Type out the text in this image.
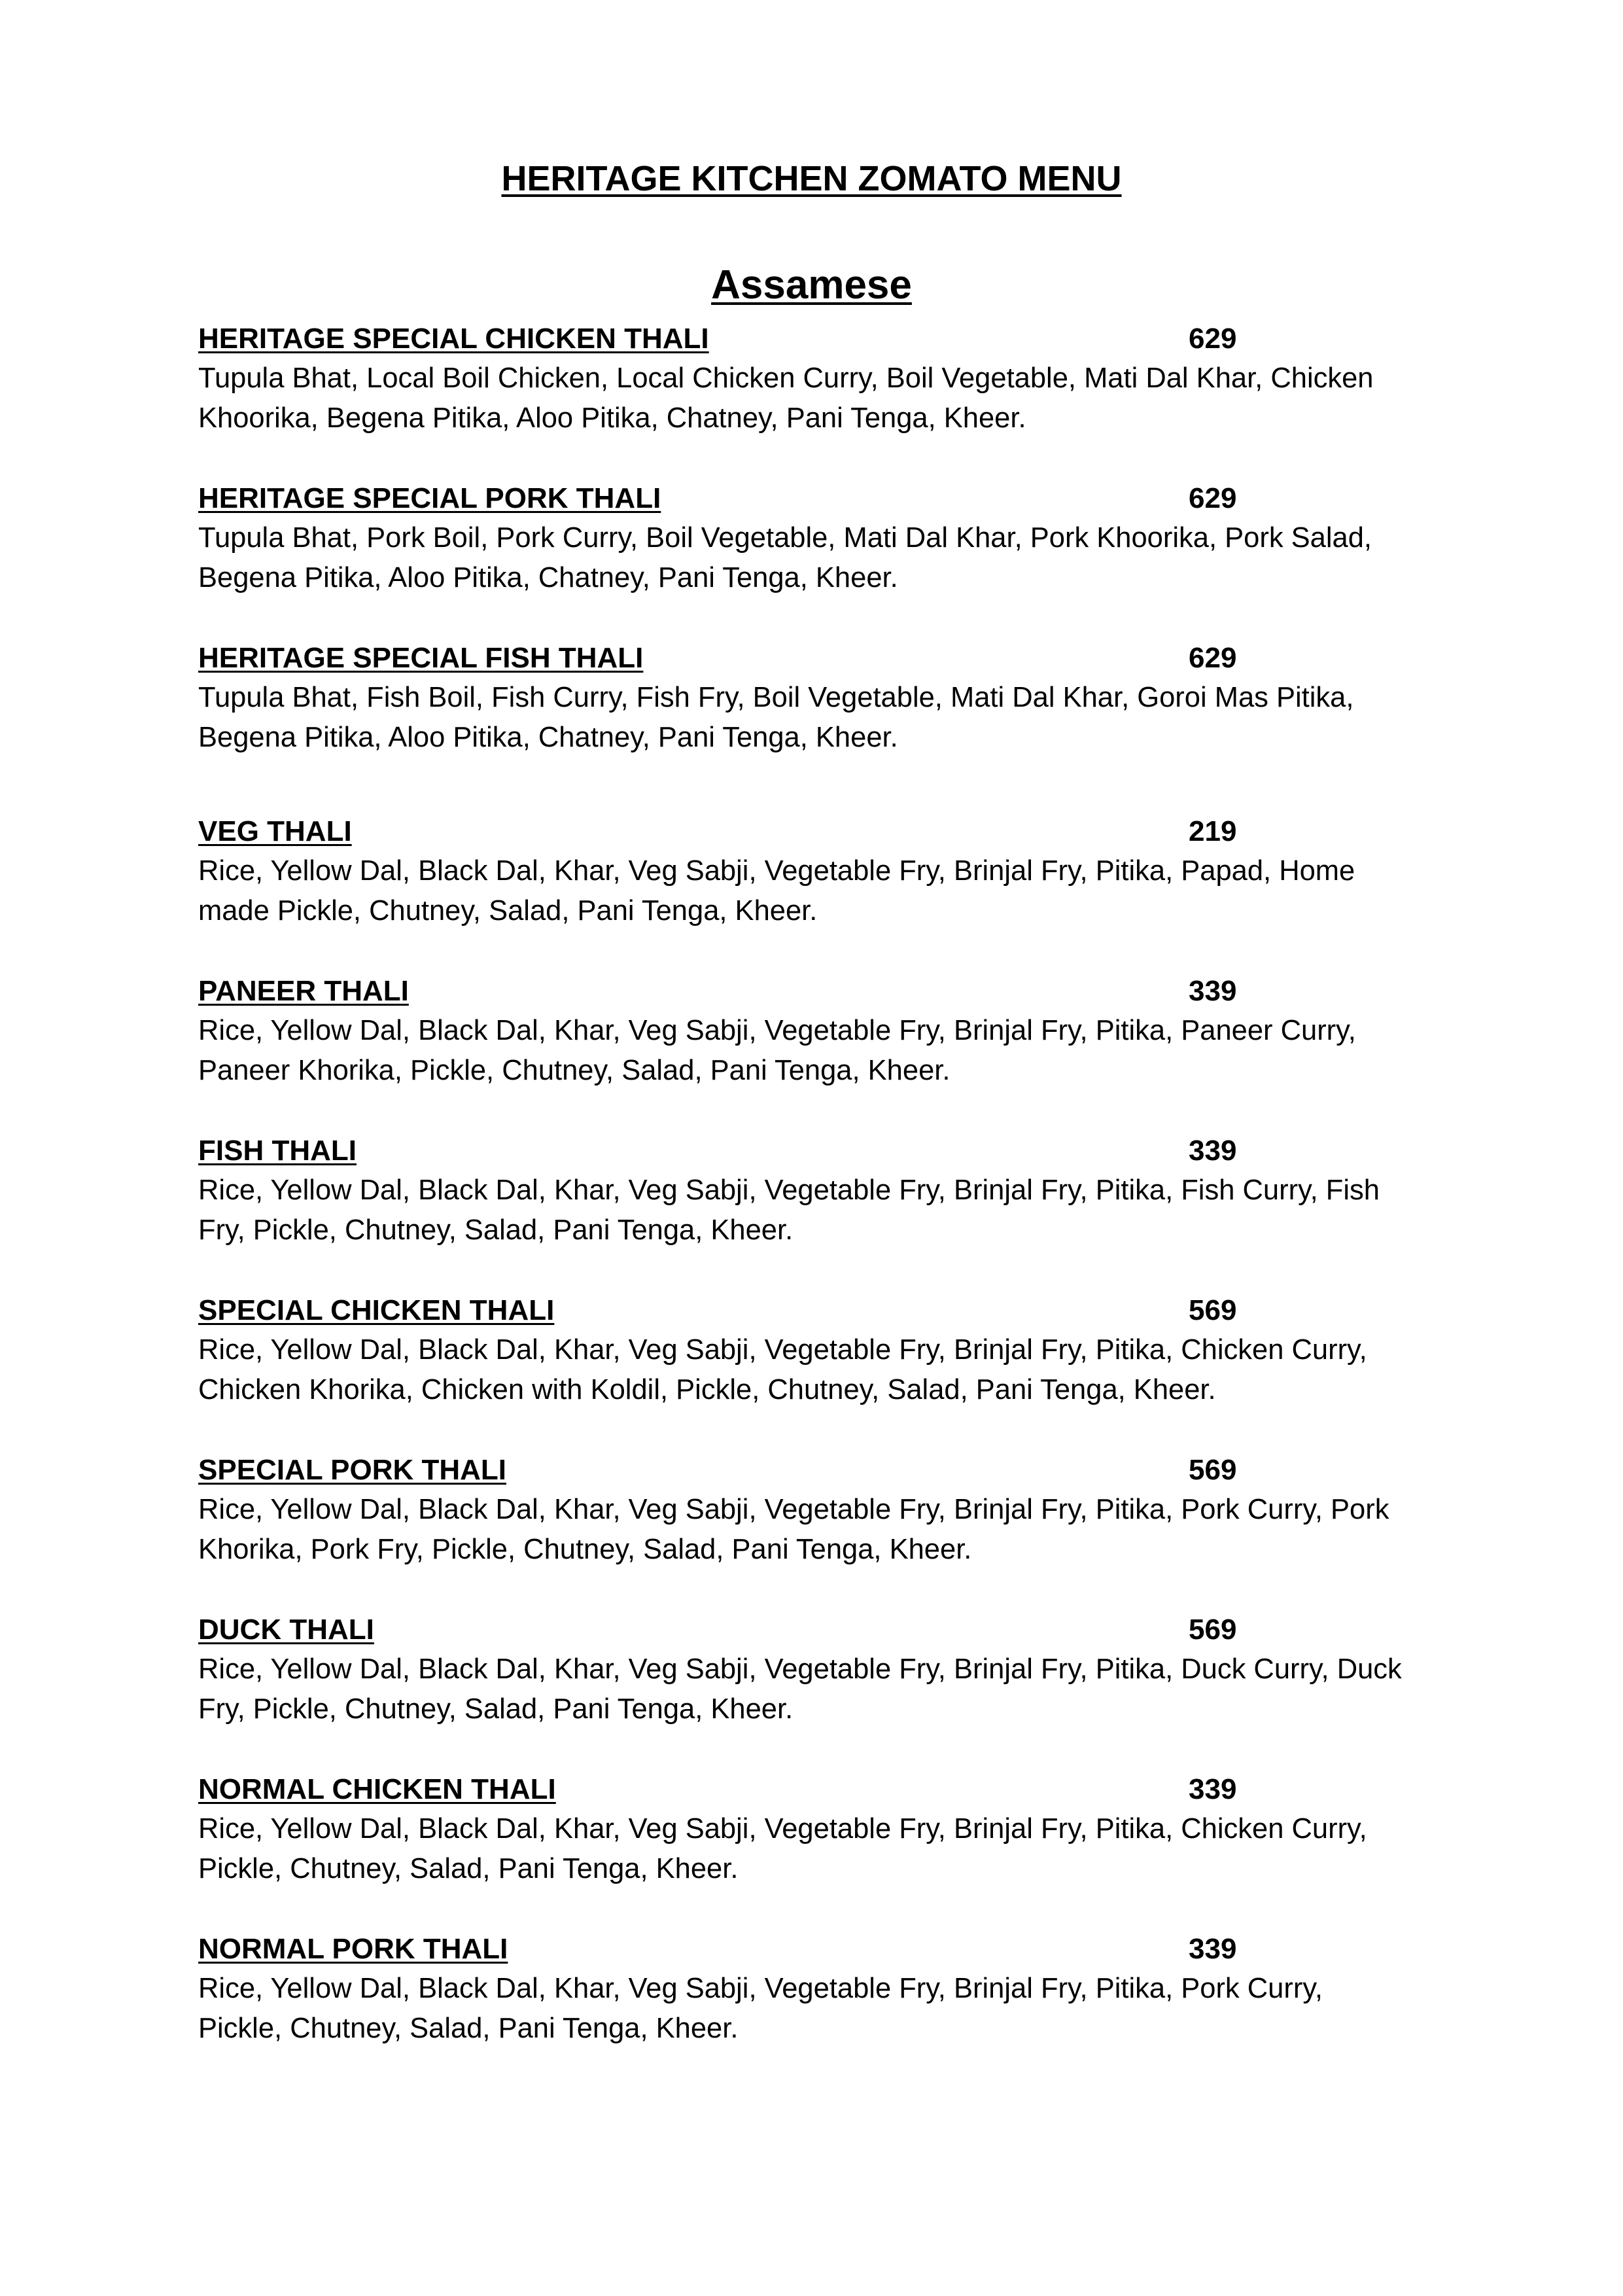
HERITAGE KITCHEN ZOMATO MENU
Assamese
HERITAGE SPECIAL CHICKEN THALI	629
Tupula Bhat, Local Boil Chicken, Local Chicken Curry, Boil Vegetable, Mati Dal Khar, Chicken
Khoorika, Begena Pitika, Aloo Pitika, Chatney, Pani Tenga, Kheer.
HERITAGE SPECIAL PORK THALI	629
Tupula Bhat, Pork Boil, Pork Curry, Boil Vegetable, Mati Dal Khar, Pork Khoorika, Pork Salad,
Begena Pitika, Aloo Pitika, Chatney, Pani Tenga, Kheer.
HERITAGE SPECIAL FISH THALI	629
Tupula Bhat, Fish Boil, Fish Curry, Fish Fry, Boil Vegetable, Mati Dal Khar, Goroi Mas Pitika,
Begena Pitika, Aloo Pitika, Chatney, Pani Tenga, Kheer.
VEG THALI	219
Rice, Yellow Dal, Black Dal, Khar, Veg Sabji, Vegetable Fry, Brinjal Fry, Pitika, Papad, Home
made Pickle, Chutney, Salad, Pani Tenga, Kheer.
PANEER THALI	339
Rice, Yellow Dal, Black Dal, Khar, Veg Sabji, Vegetable Fry, Brinjal Fry, Pitika, Paneer Curry,
Paneer Khorika, Pickle, Chutney, Salad, Pani Tenga, Kheer.
FISH THALI	339
Rice, Yellow Dal, Black Dal, Khar, Veg Sabji, Vegetable Fry, Brinjal Fry, Pitika, Fish Curry, Fish
Fry, Pickle, Chutney, Salad, Pani Tenga, Kheer.
SPECIAL CHICKEN THALI	569
Rice, Yellow Dal, Black Dal, Khar, Veg Sabji, Vegetable Fry, Brinjal Fry, Pitika, Chicken Curry,
Chicken Khorika, Chicken with Koldil, Pickle, Chutney, Salad, Pani Tenga, Kheer.
SPECIAL PORK THALI	569
Rice, Yellow Dal, Black Dal, Khar, Veg Sabji, Vegetable Fry, Brinjal Fry, Pitika, Pork Curry, Pork
Khorika, Pork Fry, Pickle, Chutney, Salad, Pani Tenga, Kheer.
DUCK THALI	569
Rice, Yellow Dal, Black Dal, Khar, Veg Sabji, Vegetable Fry, Brinjal Fry, Pitika, Duck Curry, Duck
Fry, Pickle, Chutney, Salad, Pani Tenga, Kheer.
NORMAL CHICKEN THALI	339
Rice, Yellow Dal, Black Dal, Khar, Veg Sabji, Vegetable Fry, Brinjal Fry, Pitika, Chicken Curry,
Pickle, Chutney, Salad, Pani Tenga, Kheer.
NORMAL PORK THALI	339
Rice, Yellow Dal, Black Dal, Khar, Veg Sabji, Vegetable Fry, Brinjal Fry, Pitika, Pork Curry,
Pickle, Chutney, Salad, Pani Tenga, Kheer.
